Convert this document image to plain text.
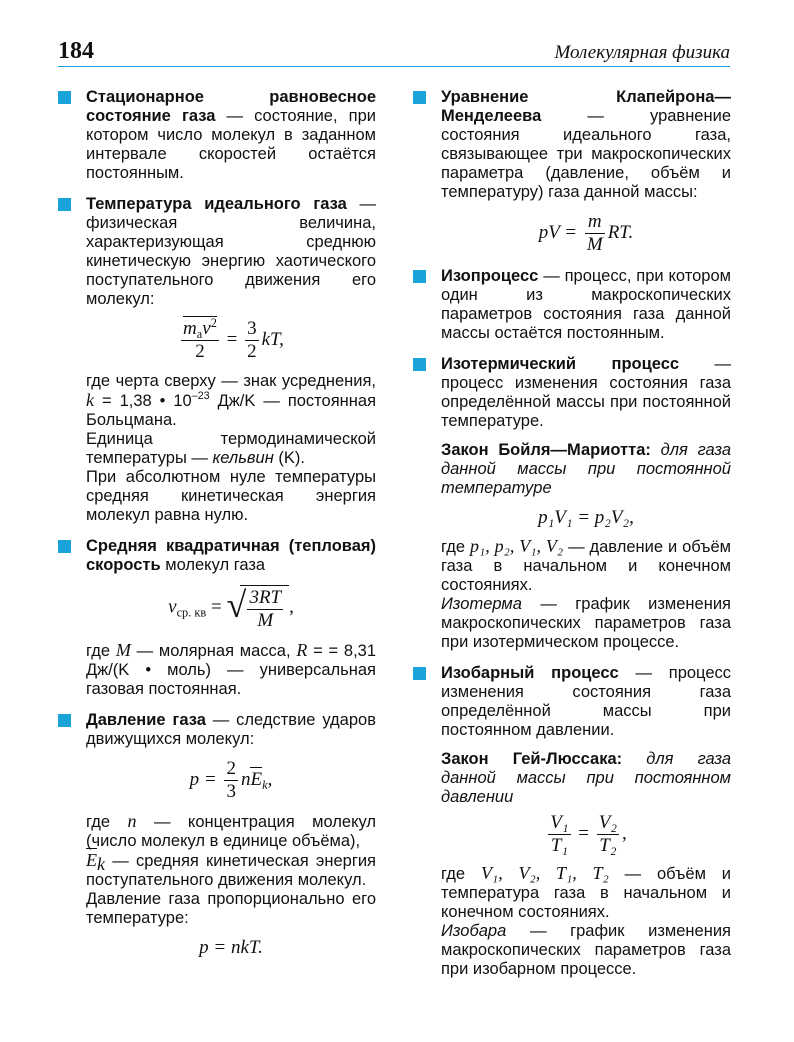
184	Молекулярная физика

Стационарное равновесное состояние газа — состояние, при котором число молекул в заданном интервале скоростей остаётся постоянным.

Температура идеального газа — физическая величина, характеризующая среднюю кинетическую энергию хаотического поступательного движения его молекул:

$\frac{m_av^2}{2} = \frac{3}{2}$ kT,

где черта сверху — знак усреднения, k = 1,38 • $10^{-23}$ Дж/K — постоянная Больцмана.

Единица термодинамической температуры — кельвин (K).

При абсолютном нуле температуры средняя кинетическая энергия молекул равна нулю.

Средняя квадратичная (тепловая) скорость молекул газа

$v_{ср. кв}$ = √ $\frac{3RT}{M}$ ,

где M — молярная масса, R = = 8,31 Дж/(K • моль) — универсальная газовая постоянная.

Давление газа — следствие ударов движущихся молекул:

$p = \frac{2}{3} nE_k$,

где n — концентрация молекул (число молекул в единице объёма),

$E_k$ — средняя кинетическая энергия поступательного движения молекул.

Давление газа пропорционально его температуре:

p = nkT.

Уравнение Клапейрона—Менделеева — уравнение состояния идеального газа, связывающее три макроскопических параметра (давление, объём и температуру) газа данной массы:

pV = $\frac{m}{M}$ RT.

Изопроцесс — процесс, при котором один из макроскопических параметров состояния газа данной массы остаётся постоянным.

Изотермический процесс — процесс изменения состояния газа определённой массы при постоянной температуре.

Закон Бойля—Мариотта: для газа данной массы при постоянной температуре

p₁V₁ = p₂V₂,

где p₁, p₂, V₁, V₂ — давление и объём газа в начальном и конечном состояниях.

Изотерма — график изменения макроскопических параметров газа при изотермическом процессе.

Изобарный процесс — процесс изменения состояния газа определённой массы при постоянном давлении.

Закон Гей-Люссака: для газа данной массы при постоянном давлении

$\frac{\text{V₁}}{\text{T₁}} = \frac{\text{V₂}}{\text{T₂}}$ ,

где V₁, V₂, T₁, T₂ — объём и температура газа в начальном и конечном состояниях.

Изобара — график изменения макроскопических параметров газа при изобарном процессе.
